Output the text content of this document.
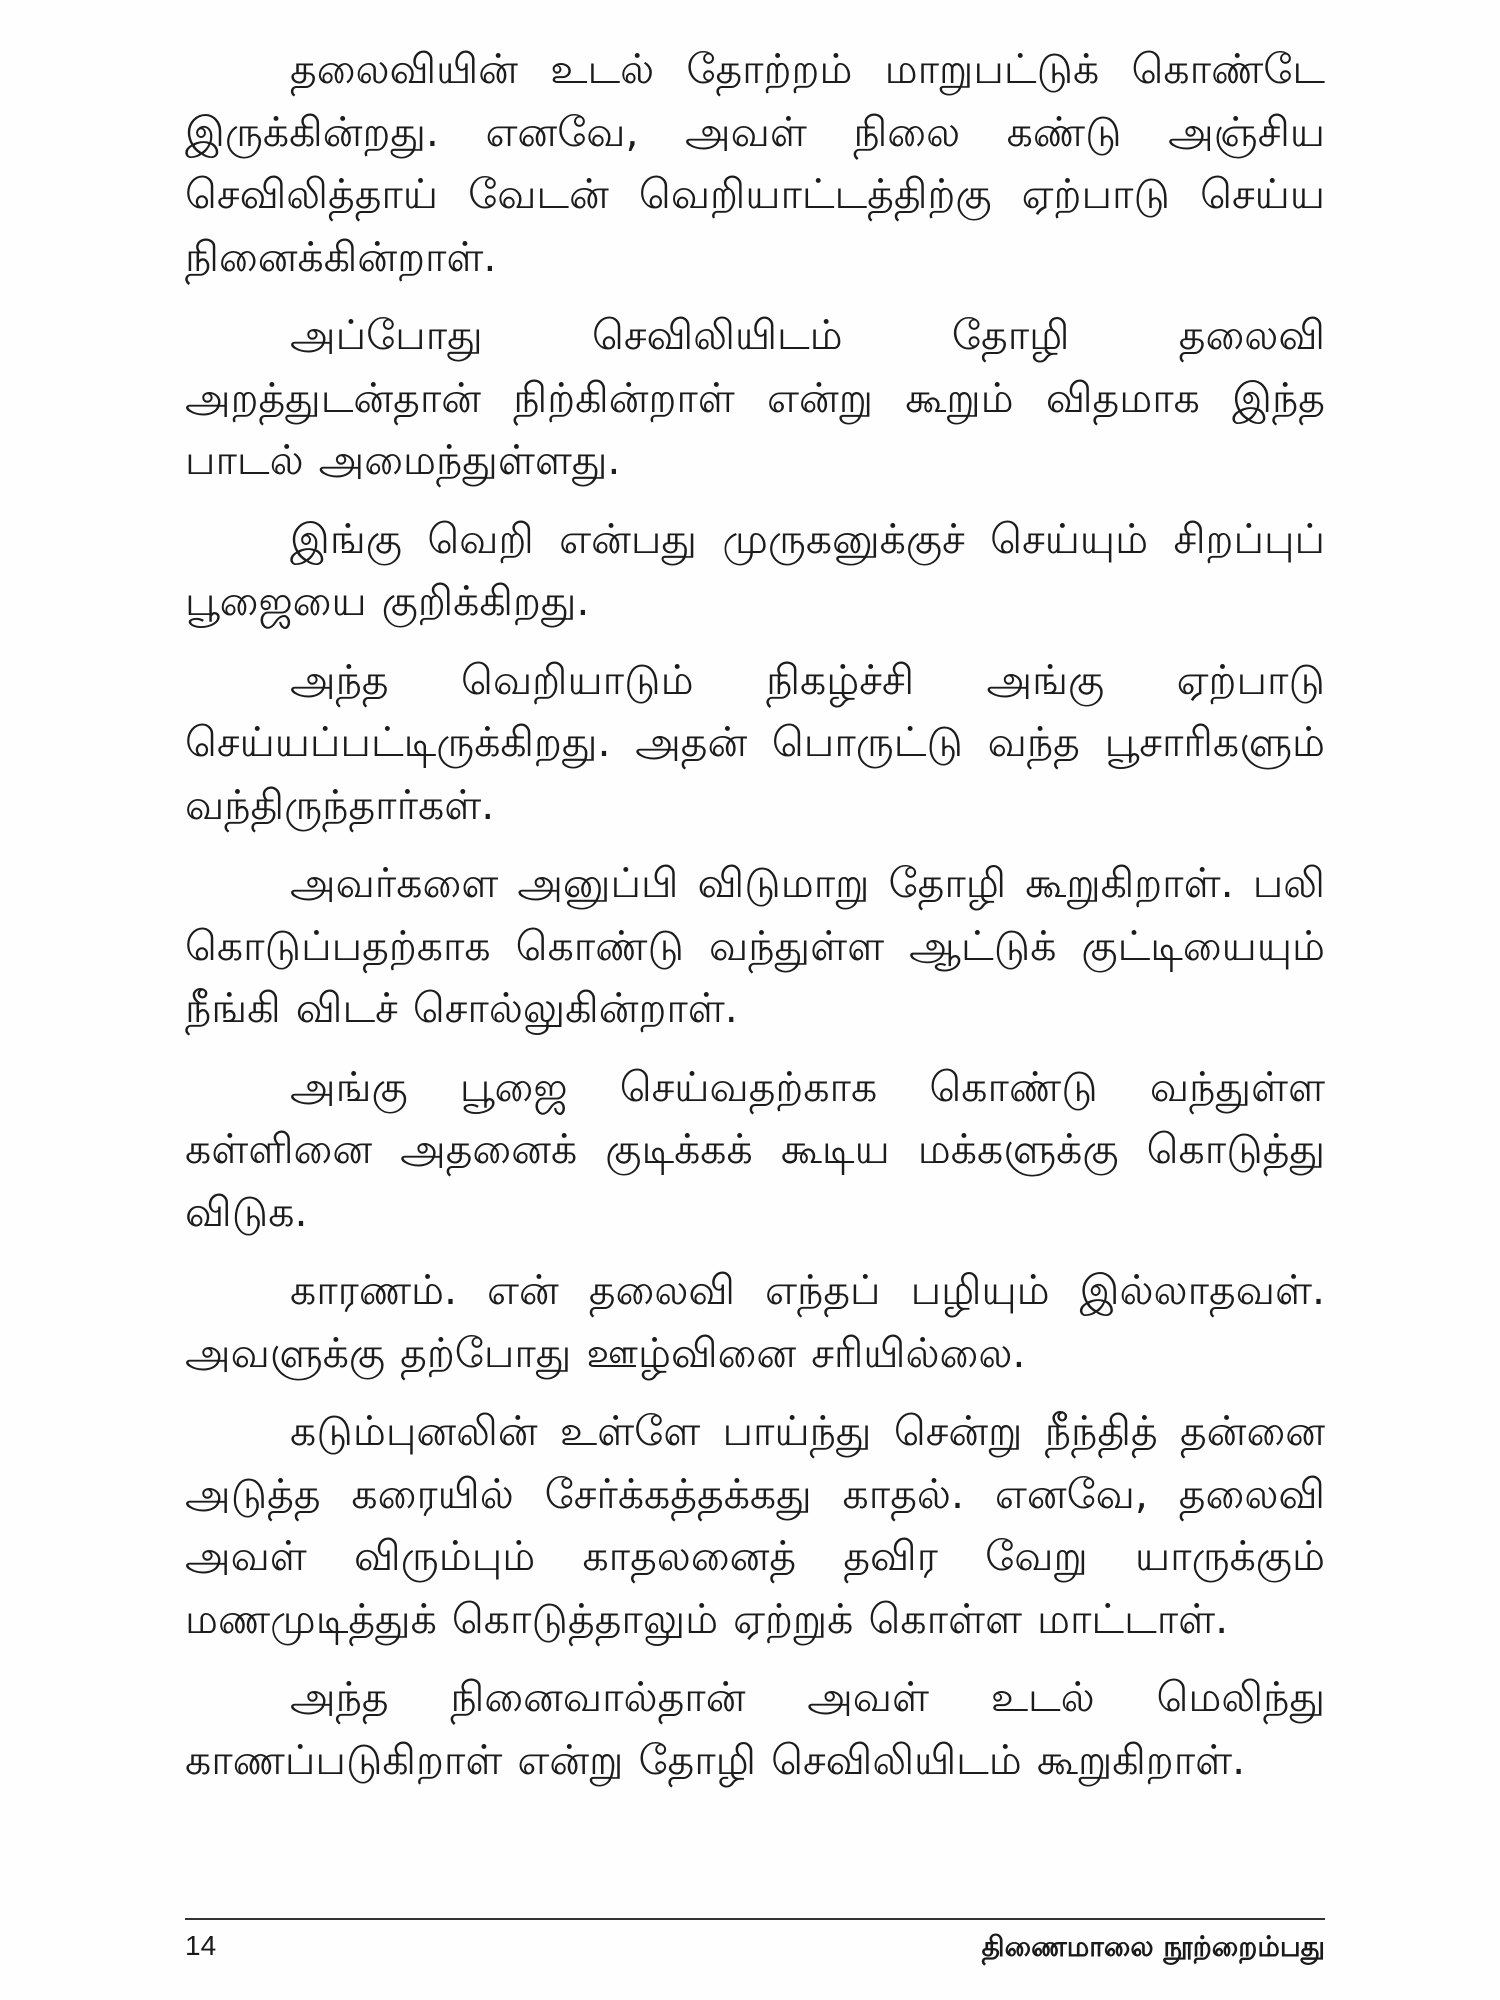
தலைவியின் உடல் தோற்றம் மாறுபட்டுக் கொண்டே இருக்கின்றது. எனவே, அவள் நிலை கண்டு அஞ்சிய செவிலித்தாய் வேடன் வெறியாட்டத்திற்கு ஏற்பாடு செய்ய நினைக்கின்றாள்.

அப்போது செவிலியிடம் தோழி தலைவி அறத்துடன்தான் நிற்கின்றாள் என்று கூறும் விதமாக இந்த பாடல் அமைந்துள்ளது.

இங்கு வெறி என்பது முருகனுக்குச் செய்யும் சிறப்புப் பூஜையை குறிக்கிறது.

அந்த வெறியாடும் நிகழ்ச்சி அங்கு ஏற்பாடு செய்யப்பட்டிருக்கிறது. அதன் பொருட்டு வந்த பூசாரிகளும் வந்திருந்தார்கள்.

அவர்களை அனுப்பி விடுமாறு தோழி கூறுகிறாள். பலி கொடுப்பதற்காக கொண்டு வந்துள்ள ஆட்டுக் குட்டியையும் நீங்கி விடச் சொல்லுகின்றாள்.

அங்கு பூஜை செய்வதற்காக கொண்டு வந்துள்ள கள்ளினை அதனைக் குடிக்கக் கூடிய மக்களுக்கு கொடுத்து விடுக.

காரணம். என் தலைவி எந்தப் பழியும் இல்லாதவள். அவளுக்கு தற்போது ஊழ்வினை சரியில்லை.

கடும்புனலின் உள்ளே பாய்ந்து சென்று நீந்தித் தன்னை அடுத்த கரையில் சேர்க்கத்தக்கது காதல். எனவே, தலைவி அவள் விரும்பும் காதலனைத் தவிர வேறு யாருக்கும் மணமுடித்துக் கொடுத்தாலும் ஏற்றுக் கொள்ள மாட்டாள்.

அந்த நினைவால்தான் அவள் உடல் மெலிந்து காணப்படுகிறாள் என்று தோழி செவிலியிடம் கூறுகிறாள்.

14	திணைமாலை நூற்றைம்பது
